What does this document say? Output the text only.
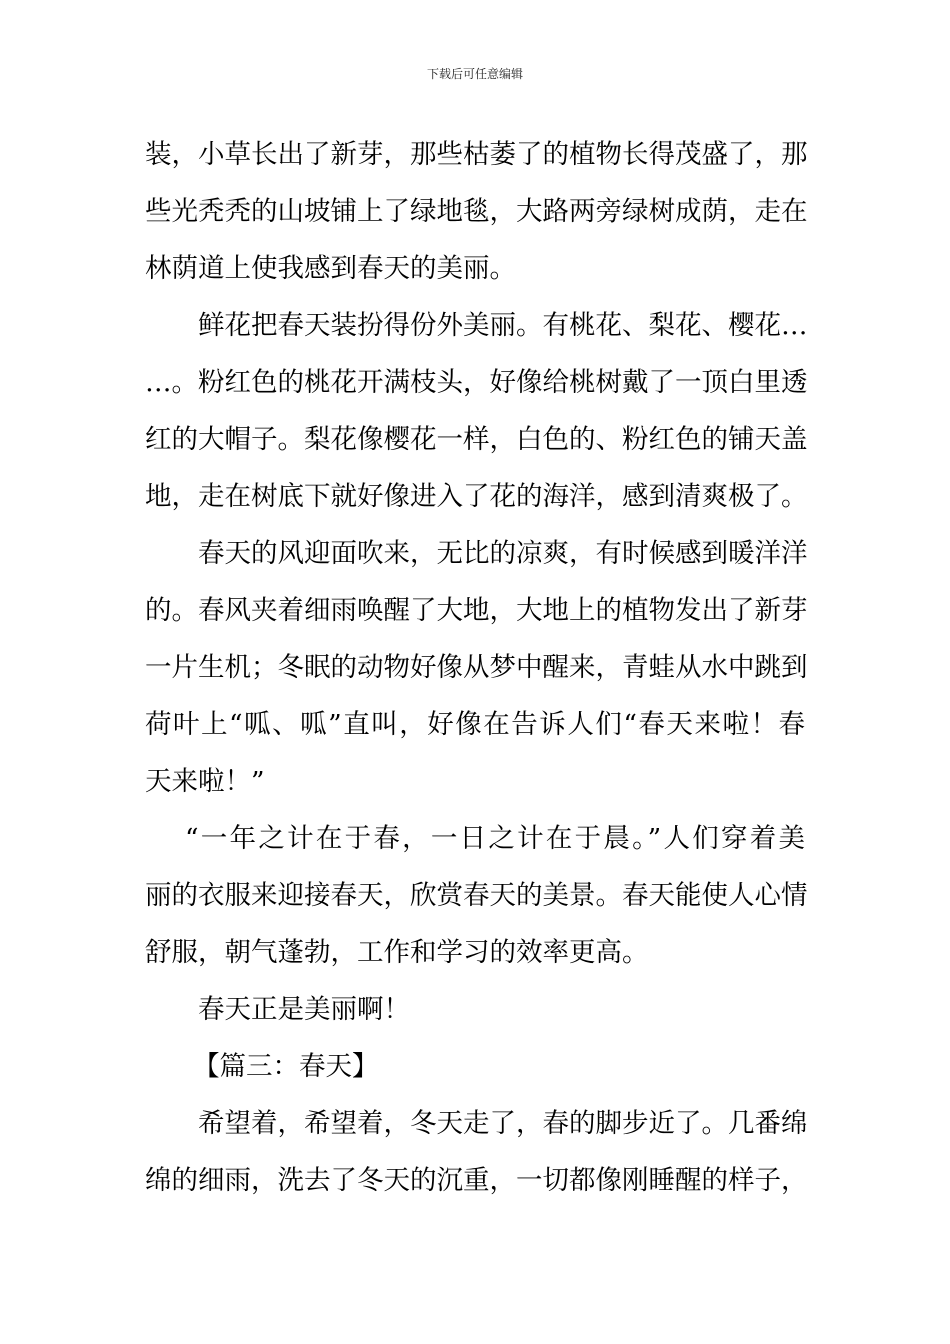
下载后可任意编辑
装，小草长出了新芽，那些枯萎了的植物长得茂盛了，那
些光秃秃的山坡铺上了绿地毯，大路两旁绿树成荫，走在
林荫道上使我感到春天的美丽。
鲜花把春天装扮得份外美丽。有桃花、梨花、樱花…
…。粉红色的桃花开满枝头，好像给桃树戴了一顶白里透
红的大帽子。梨花像樱花一样，白色的、粉红色的铺天盖
地，走在树底下就好像进入了花的海洋，感到清爽极了。
春天的风迎面吹来，无比的凉爽，有时候感到暖洋洋
的。春风夹着细雨唤醒了大地，大地上的植物发出了新芽
一片生机；冬眠的动物好像从梦中醒来，青蛙从水中跳到
荷叶上“呱、呱”直叫，好像在告诉人们“春天来啦！春
天来啦！”
“一年之计在于春，一日之计在于晨。”人们穿着美
丽的衣服来迎接春天，欣赏春天的美景。春天能使人心情
舒服，朝气蓬勃，工作和学习的效率更高。
春天正是美丽啊！
【篇三：春天】
希望着，希望着，冬天走了，春的脚步近了。几番绵
绵的细雨，洗去了冬天的沉重，一切都像刚睡醒的样子，
